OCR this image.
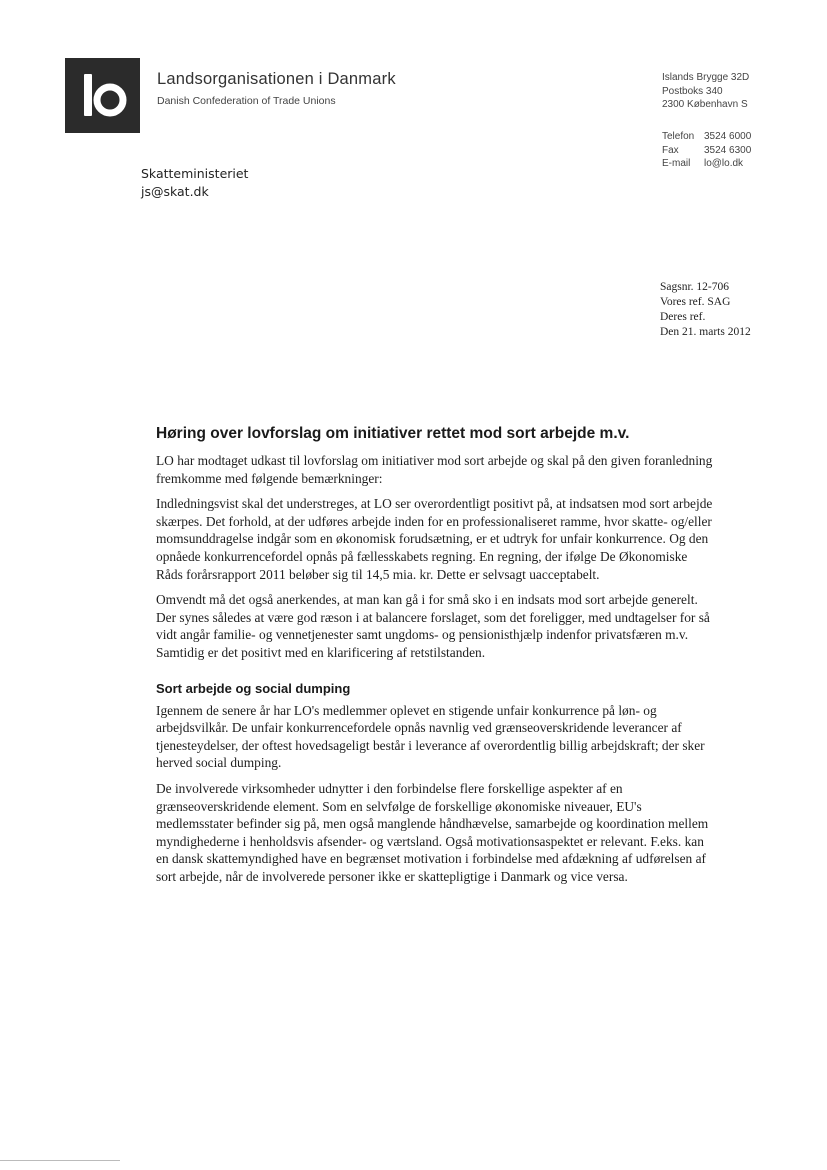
Landsorganisationen i Danmark
Danish Confederation of Trade Unions
Islands Brygge 32D
Postboks 340
2300 København S
Telefon 3524 6000
Fax	3524 6300
E-mail	lo@lo.dk
Skatteministeriet
js@skat.dk
Sagsnr. 12-706
Vores ref. SAG
Deres ref.
Den 21. marts 2012
Høring over lovforslag om initiativer rettet mod sort arbejde m.v.

LO har modtaget udkast til lovforslag om initiativer mod sort arbejde og skal på den given foranledning fremkomme med følgende bemærkninger:

Indledningsvist skal det understreges, at LO ser overordentligt positivt på, at indsatsen mod sort arbejde skærpes. Det forhold, at der udføres arbejde inden for en professionaliseret ramme, hvor skatte- og/eller momsunddragelse indgår som en økonomisk forudsætning, er et udtryk for unfair konkurrence. Og den opnåede konkurrencefordel opnås på fællesskabets regning. En regning, der ifølge De Økonomiske Råds forårsrapport 2011 beløber sig til 14,5 mia. kr. Dette er selvsagt uacceptabelt.

Omvendt må det også anerkendes, at man kan gå i for små sko i en indsats mod sort arbejde generelt. Der synes således at være god ræson i at balancere forslaget, som det foreligger, med undtagelser for så vidt angår familie- og vennetjenester samt ungdoms- og pensionisthjælp indenfor privatsfæren m.v. Samtidig er det positivt med en klarificering af retstilstanden.

Sort arbejde og social dumping

Igennem de senere år har LO's medlemmer oplevet en stigende unfair konkurrence på løn- og arbejdsvilkår. De unfair konkurrencefordele opnås navnlig ved grænseoverskridende leverancer af tjenesteydelser, der oftest hovedsageligt består i leverance af overordentlig billig arbejdskraft; der sker herved social dumping.

De involverede virksomheder udnytter i den forbindelse flere forskellige aspekter af en grænseoverskridende element. Som en selvfølge de forskellige økonomiske niveauer, EU's medlemsstater befinder sig på, men også manglende håndhævelse, samarbejde og koordination mellem myndighederne i henholdsvis afsender- og værtsland. Også motivationsaspektet er relevant. F.eks. kan en dansk skattemyndighed have en begrænset motivation i forbindelse med afdækning af udførelsen af sort arbejde, når de involverede personer ikke er skattepligtige i Danmark og vice versa.
